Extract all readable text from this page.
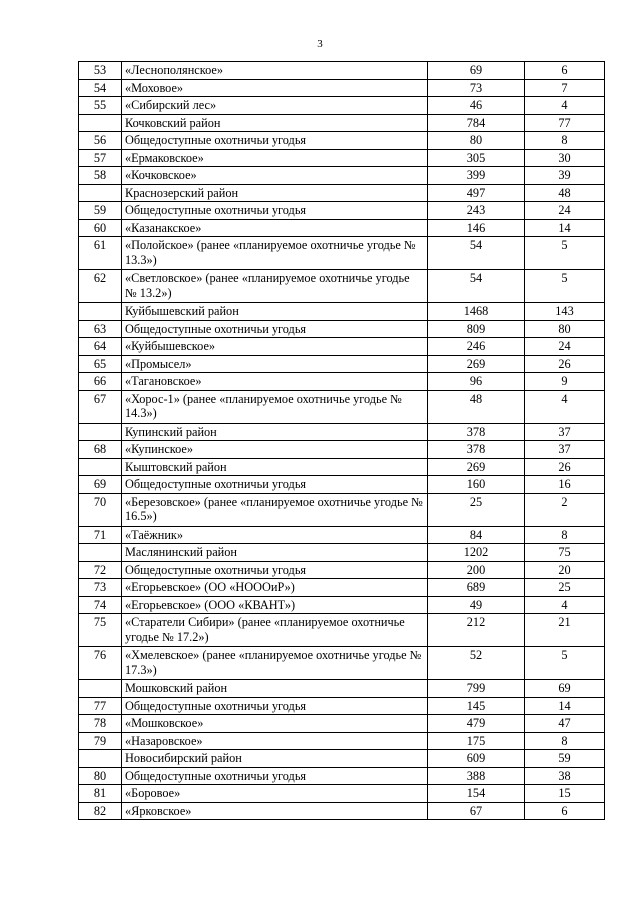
3
53	«Леснополянское»	69	6
54	«Моховое»	73	7
55	«Сибирский лес»	46	4
	Кочковский район	784	77
56	Общедоступные охотничьи угодья	80	8
57	«Ермаковское»	305	30
58	«Кочковское»	399	39
	Краснозерский район	497	48
59	Общедоступные охотничьи угодья	243	24
60	«Казанакское»	146	14
61	«Полойское» (ранее «планируемое охотничье угодье № 13.3»)	54	5
62	«Светловское» (ранее «планируемое охотничье угодье № 13.2»)	54	5
	Куйбышевский район	1468	143
63	Общедоступные охотничьи угодья	809	80
64	«Куйбышевское»	246	24
65	«Промысел»	269	26
66	«Тагановское»	96	9
67	«Хорос-1» (ранее «планируемое охотничье угодье № 14.3»)	48	4
	Купинский район	378	37
68	«Купинское»	378	37
	Кыштовский район	269	26
69	Общедоступные охотничьи угодья	160	16
70	«Березовское» (ранее «планируемое охотничье угодье № 16.5»)	25	2
71	«Таёжник»	84	8
	Маслянинский район	1202	75
72	Общедоступные охотничьи угодья	200	20
73	«Егорьевское» (ОО «НОООиР»)	689	25
74	«Егорьевское» (ООО «КВАНТ»)	49	4
75	«Старатели Сибири» (ранее «планируемое охотничье угодье № 17.2»)	212	21
76	«Хмелевское» (ранее «планируемое охотничье угодье № 17.3»)	52	5
	Мошковский район	799	69
77	Общедоступные охотничьи угодья	145	14
78	«Мошковское»	479	47
79	«Назаровское»	175	8
	Новосибирский район	609	59
80	Общедоступные охотничьи угодья	388	38
81	«Боровое»	154	15
82	«Ярковское»	67	6
